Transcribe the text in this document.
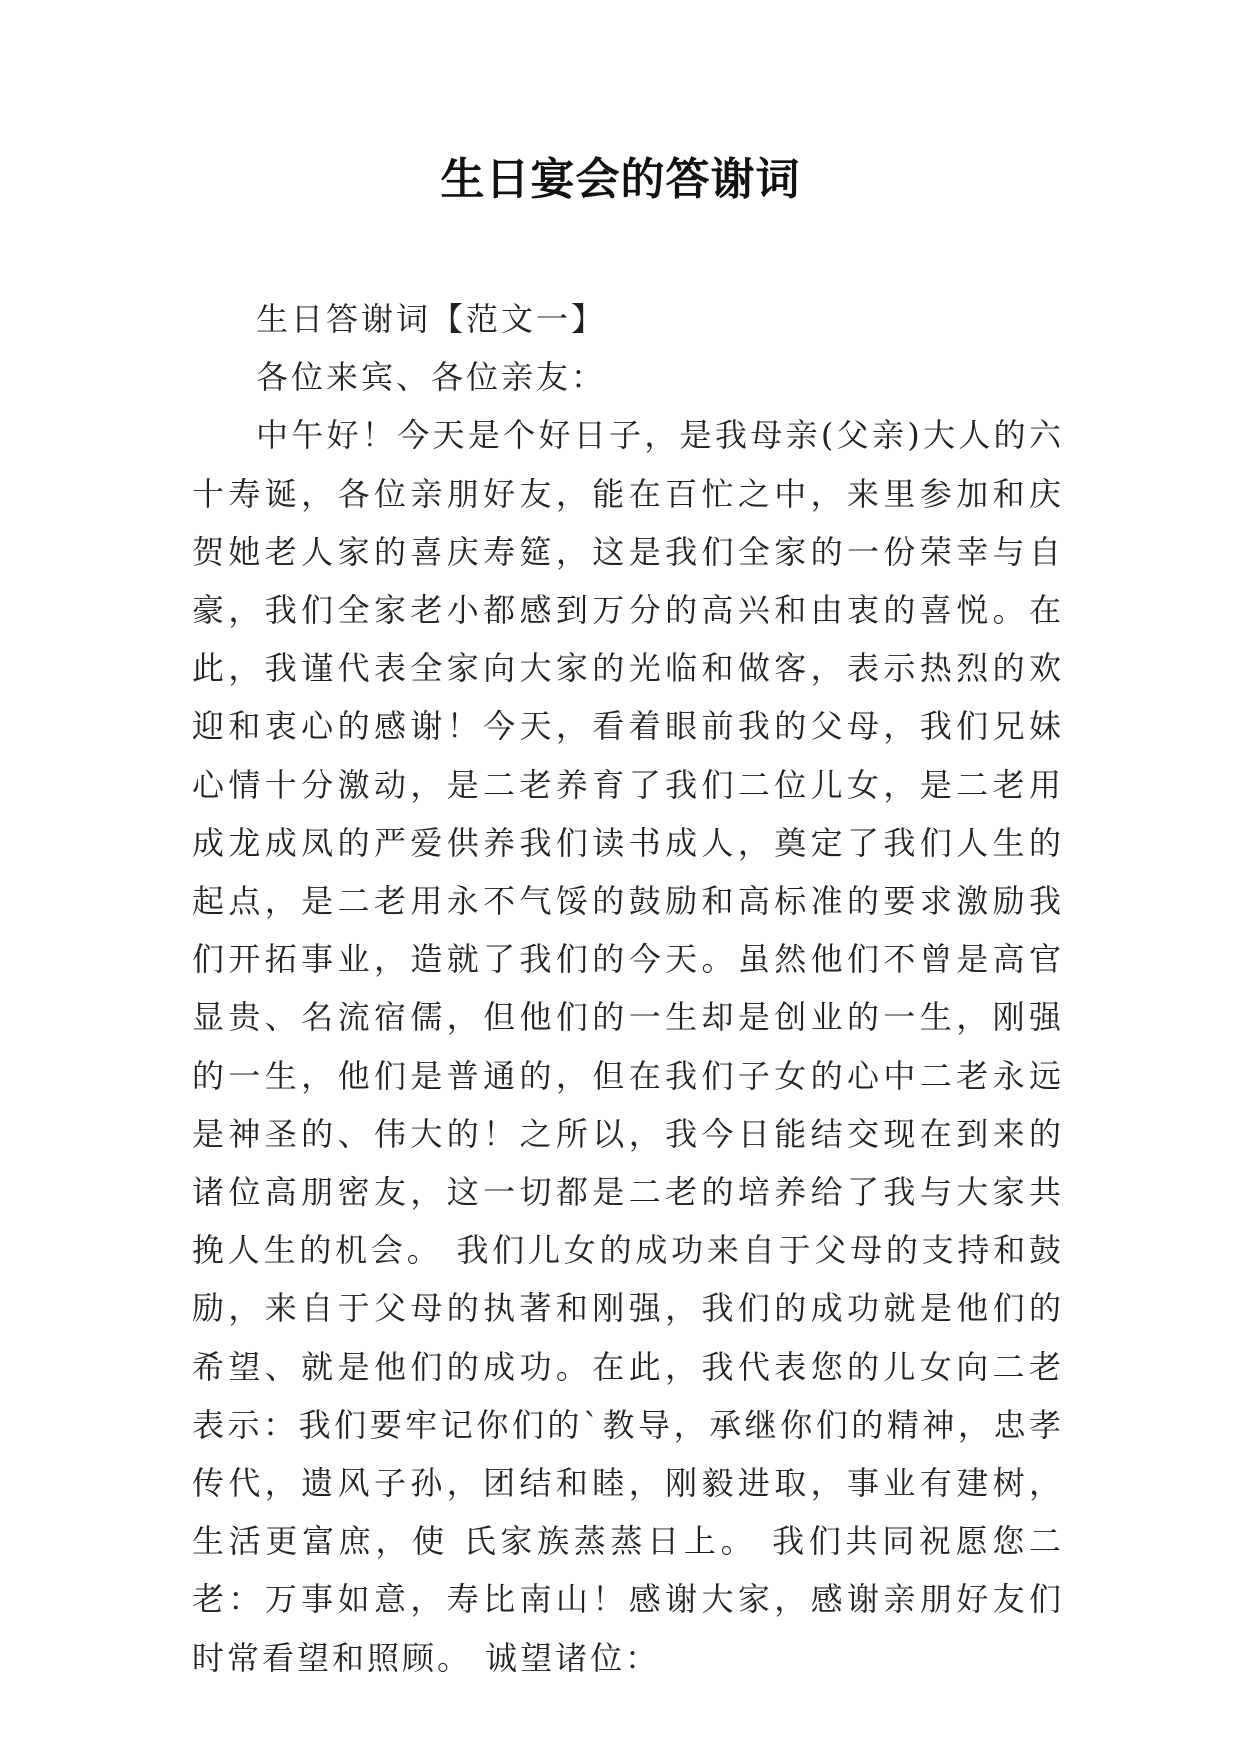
生日宴会的答谢词

生日答谢词【范文一】

各位来宾、各位亲友：

中午好！今天是个好日子，是我母亲(父亲)大人的六十寿诞，各位亲朋好友，能在百忙之中，来里参加和庆贺她老人家的喜庆寿筵，这是我们全家的一份荣幸与自豪，我们全家老小都感到万分的高兴和由衷的喜悦。在此，我谨代表全家向大家的光临和做客，表示热烈的欢迎和衷心的感谢！今天，看着眼前我的父母，我们兄妹心情十分激动，是二老养育了我们二位儿女，是二老用成龙成凤的严爱供养我们读书成人，奠定了我们人生的起点，是二老用永不气馁的鼓励和高标准的要求激励我们开拓事业，造就了我们的今天。虽然他们不曾是高官显贵、名流宿儒，但他们的一生却是创业的一生，刚强的一生，他们是普通的，但在我们子女的心中二老永远是神圣的、伟大的！之所以，我今日能结交现在到来的诸位高朋密友，这一切都是二老的培养给了我与大家共挽人生的机会。 我们儿女的成功来自于父母的支持和鼓励，来自于父母的执著和刚强，我们的成功就是他们的希望、就是他们的成功。在此，我代表您的儿女向二老表示：我们要牢记你们的`教导，承继你们的精神，忠孝传代，遗风子孙，团结和睦，刚毅进取，事业有建树，生活更富庶，使 氏家族蒸蒸日上。 我们共同祝愿您二老：万事如意，寿比南山！感谢大家，感谢亲朋好友们时常看望和照顾。 诚望诸位：
